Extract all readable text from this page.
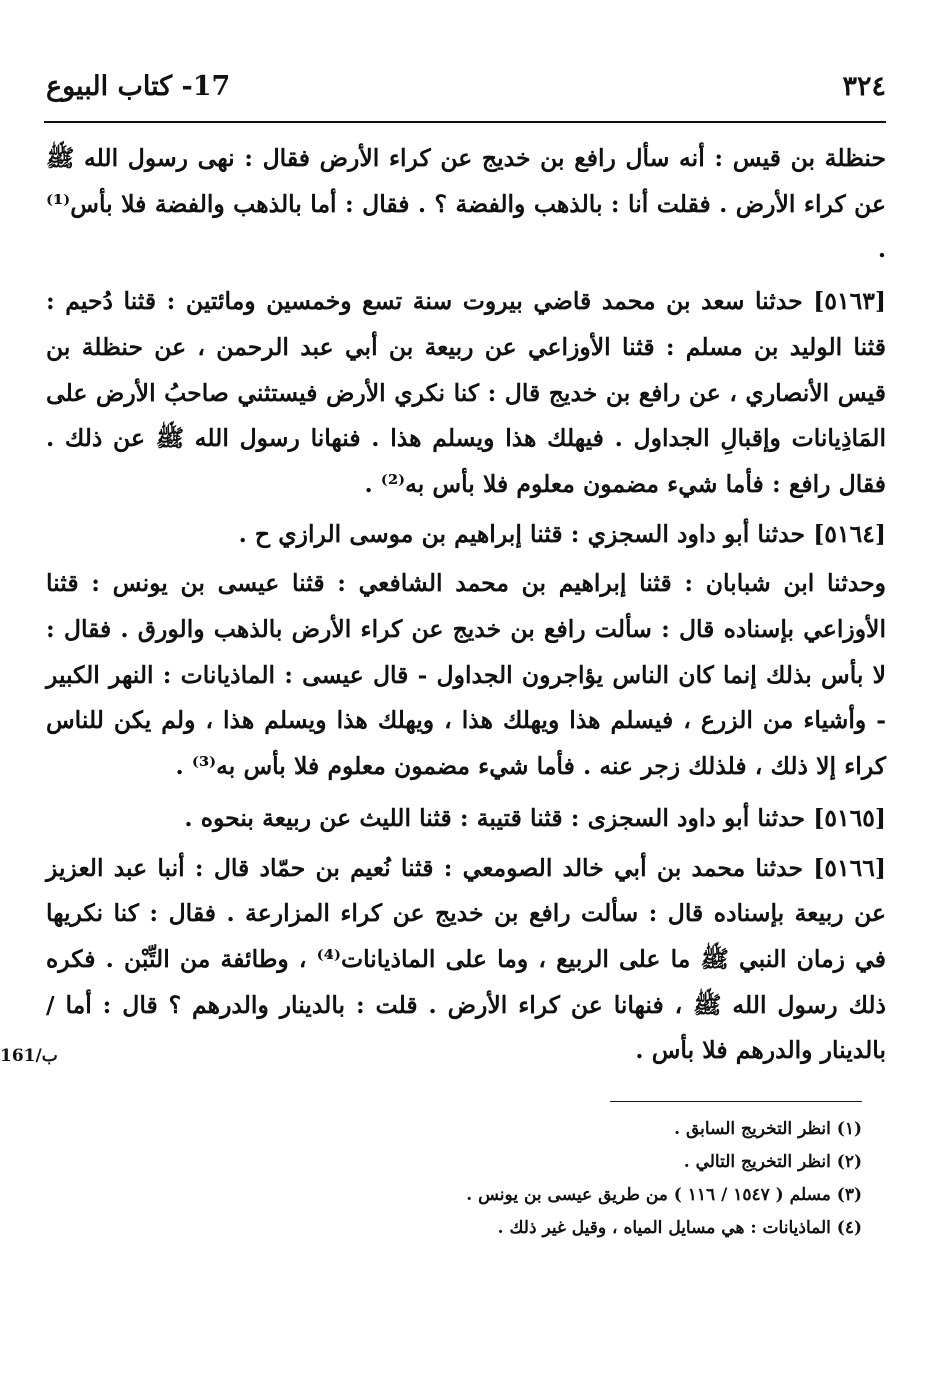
٣٢٤
17- كتاب البيوع

حنظلة بن قيس : أنه سأل رافع بن خديج عن كراء الأرض فقال : نهى رسول الله ﷺ عن كراء الأرض . فقلت أنا : بالذهب والفضة ؟ . فقال : أما بالذهب والفضة فلا بأس⁽¹⁾ .

[٥١٦٣] حدثنا سعد بن محمد قاضي بيروت سنة تسع وخمسين ومائتين : قثنا دُحيم : قثنا الوليد بن مسلم : قثنا الأوزاعي عن ربيعة بن أبي عبد الرحمن ، عن حنظلة بن قيس الأنصاري ، عن رافع بن خديج قال : كنا نكري الأرض فيستثني صاحبُ الأرض على المَاذِيانات وإقبالِ الجداول . فيهلك هذا ويسلم هذا . فنهانا رسول الله ﷺ عن ذلك . فقال رافع : فأما شيء مضمون معلوم فلا بأس به⁽²⁾ .

[٥١٦٤] حدثنا أبو داود السجزي : قثنا إبراهيم بن موسى الرازي ح .

وحدثنا ابن شبابان : قثنا إبراهيم بن محمد الشافعي : قثنا عيسى بن يونس : قثنا الأوزاعي بإسناده قال : سألت رافع بن خديج عن كراء الأرض بالذهب والورق . فقال : لا بأس بذلك إنما كان الناس يؤاجرون الجداول - قال عيسى : الماذيانات : النهر الكبير - وأشياء من الزرع ، فيسلم هذا ويهلك هذا ، ويهلك هذا ويسلم هذا ، ولم يكن للناس كراء إلا ذلك ، فلذلك زجر عنه . فأما شيء مضمون معلوم فلا بأس به⁽³⁾ .

[٥١٦٥] حدثنا أبو داود السجزى : قثنا قتيبة : قثنا الليث عن ربيعة بنحوه .

[٥١٦٦] حدثنا محمد بن أبي خالد الصومعي : قثنا نُعيم بن حمّاد قال : أنبا عبد العزيز عن ربيعة بإسناده قال : سألت رافع بن خديج عن كراء المزارعة . فقال : كنا نكريها في زمان النبي ﷺ ما على الربيع ، وما على الماذيانات⁽⁴⁾ ، وطائفة من التِّبْن . فكره ذلك رسول الله ﷺ ، فنهانا عن كراء الأرض . قلت : بالدينار والدرهم ؟ قال : أما / بالدينار والدرهم فلا بأس .

161/ب
(١) انظر التخريج السابق .
(٢) انظر التخريج التالي .
(٣) مسلم ( ١٥٤٧ / ١١٦ ) من طريق عيسى بن يونس .
(٤) الماذيانات : هي مسايل المياه ، وقيل غير ذلك .
